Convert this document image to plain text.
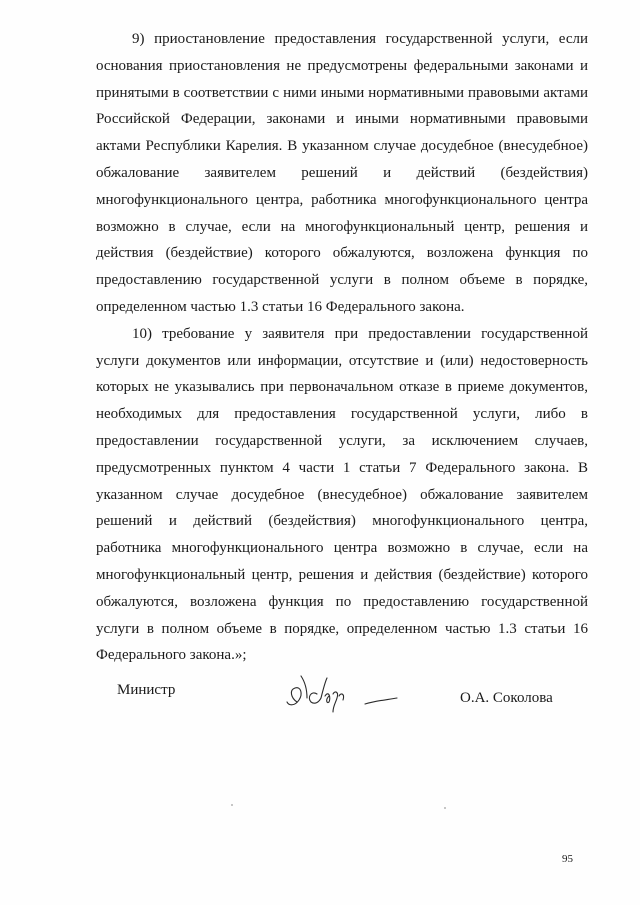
9) приостановление предоставления государственной услуги, если основания приостановления не предусмотрены федеральными законами и принятыми в соответствии с ними иными нормативными правовыми актами Российской Федерации, законами и иными нормативными правовыми актами Республики Карелия. В указанном случае досудебное (внесудебное) обжалование заявителем решений и действий (бездействия) многофункционального центра, работника многофункционального центра возможно в случае, если на многофункциональный центр, решения и действия (бездействие) которого обжалуются, возложена функция по предоставлению государственной услуги в полном объеме в порядке, определенном частью 1.3 статьи 16 Федерального закона.

10) требование у заявителя при предоставлении государственной услуги документов или информации, отсутствие и (или) недостоверность которых не указывались при первоначальном отказе в приеме документов, необходимых для предоставления государственной услуги, либо в предоставлении государственной услуги, за исключением случаев, предусмотренных пунктом 4 части 1 статьи 7 Федерального закона. В указанном случае досудебное (внесудебное) обжалование заявителем решений и действий (бездействия) многофункционального центра, работника многофункционального центра возможно в случае, если на многофункциональный центр, решения и действия (бездействие) которого обжалуются, возложена функция по предоставлению государственной услуги в полном объеме в порядке, определенном частью 1.3 статьи 16 Федерального закона.»;

Министр	О.А. Соколова
95
